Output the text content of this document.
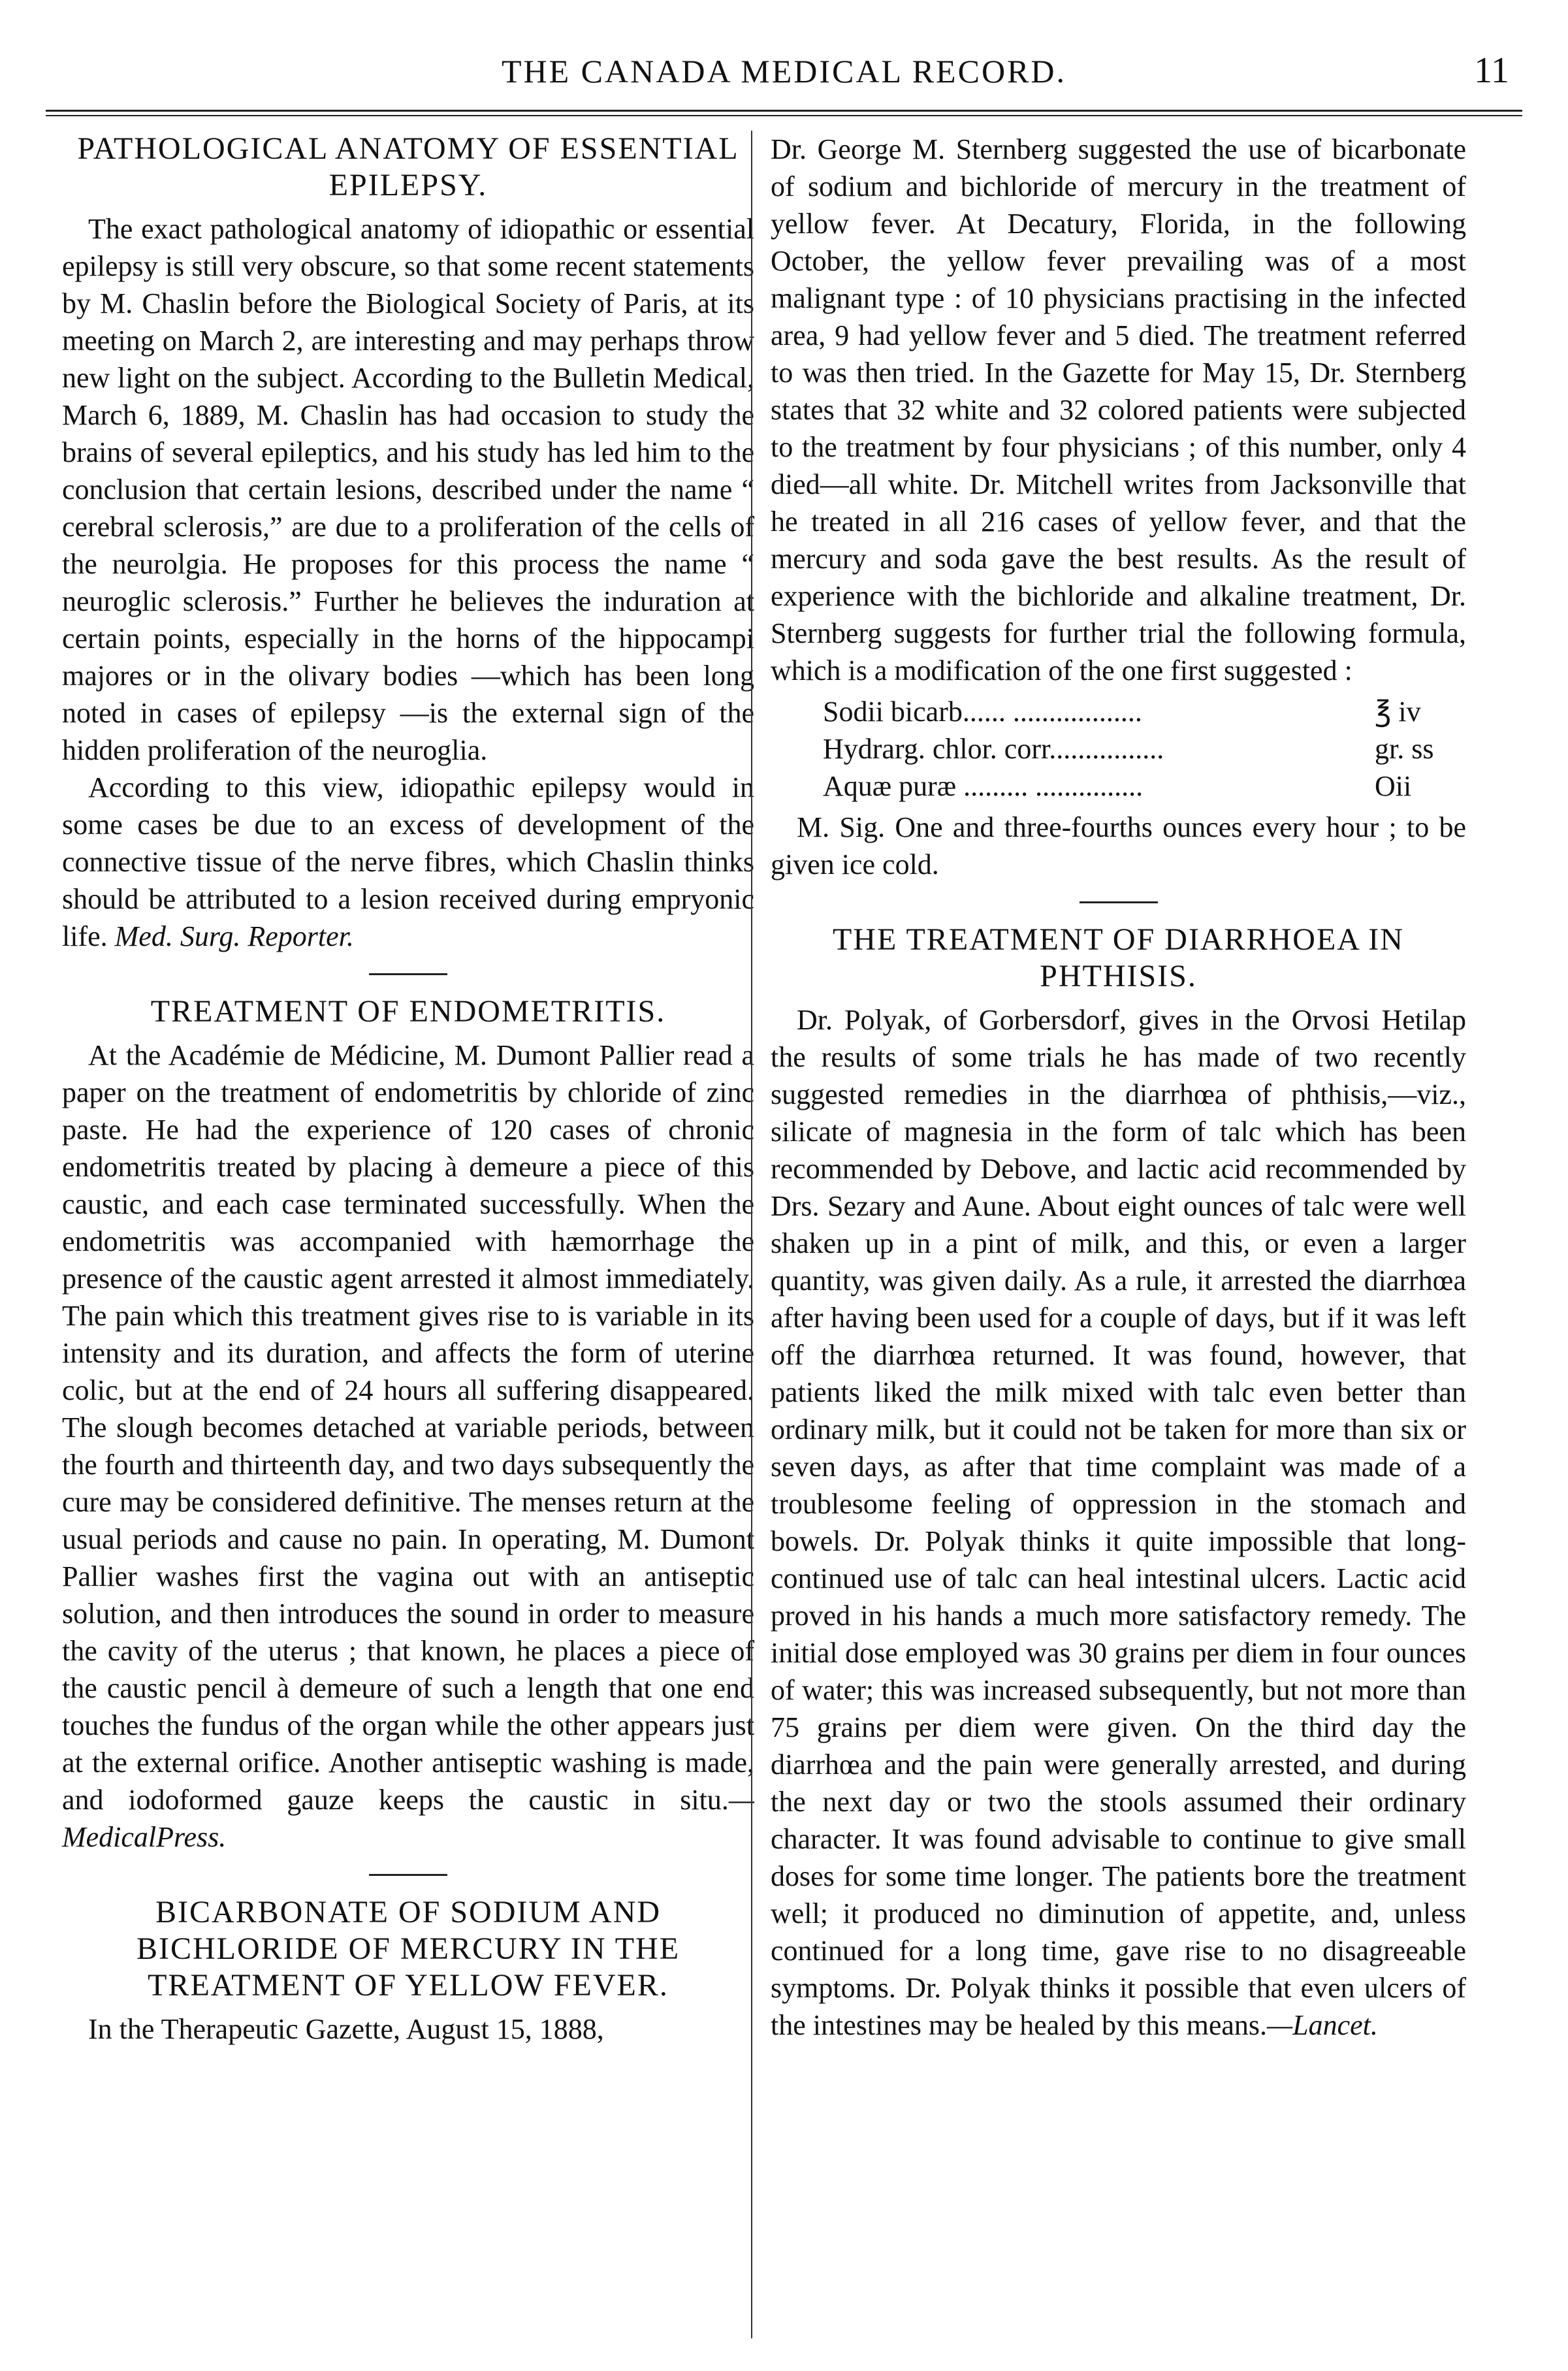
THE CANADA MEDICAL RECORD.	11
PATHOLOGICAL ANATOMY OF ESSENTIAL EPILEPSY.

The exact pathological anatomy of idiopathic or essential epilepsy is still very obscure, so that some recent statements by M. Chaslin before the Biological Society of Paris, at its meeting on March 2, are interesting and may perhaps throw new light on the subject. According to the Bulletin Medical, March 6, 1889, M. Chaslin has had occasion to study the brains of several epileptics, and his study has led him to the conclusion that certain lesions, described under the name “ cerebral sclerosis,” are due to a proliferation of the cells of the neurolgia. He proposes for this process the name “ neuroglic sclerosis.” Further he believes the induration at certain points, especially in the horns of the hippocampi majores or in the olivary bodies —which has been long noted in cases of epilepsy —is the external sign of the hidden proliferation of the neuroglia.

According to this view, idiopathic epilepsy would in some cases be due to an excess of development of the connective tissue of the nerve fibres, which Chaslin thinks should be attributed to a lesion received during empryonic life. Med. Surg. Reporter.

TREATMENT OF ENDOMETRITIS.

At the Académie de Médicine, M. Dumont Pallier read a paper on the treatment of endometritis by chloride of zinc paste. He had the experience of 120 cases of chronic endometritis treated by placing à demeure a piece of this caustic, and each case terminated successfully. When the endometritis was accompanied with hæmorrhage the presence of the caustic agent arrested it almost immediately. The pain which this treatment gives rise to is variable in its intensity and its duration, and affects the form of uterine colic, but at the end of 24 hours all suffering disappeared. The slough becomes detached at variable periods, between the fourth and thirteenth day, and two days subsequently the cure may be considered definitive. The menses return at the usual periods and cause no pain. In operating, M. Dumont Pallier washes first the vagina out with an antiseptic solution, and then introduces the sound in order to measure the cavity of the uterus ; that known, he places a piece of the caustic pencil à demeure of such a length that one end touches the fundus of the organ while the other appears just at the external orifice. Another antiseptic washing is made, and iodoformed gauze keeps the caustic in situ.—MedicalPress.

BICARBONATE OF SODIUM AND BICHLORIDE OF MERCURY IN THE TREATMENT OF YELLOW FEVER.

In the Therapeutic Gazette, August 15, 1888,

Dr. George M. Sternberg suggested the use of bicarbonate of sodium and bichloride of mercury in the treatment of yellow fever. At Decatury, Florida, in the following October, the yellow fever prevailing was of a most malignant type : of 10 physicians practising in the infected area, 9 had yellow fever and 5 died. The treatment referred to was then tried. In the Gazette for May 15, Dr. Sternberg states that 32 white and 32 colored patients were subjected to the treatment by four physicians ; of this number, only 4 died—all white. Dr. Mitchell writes from Jacksonville that he treated in all 216 cases of yellow fever, and that the mercury and soda gave the best results. As the result of experience with the bichloride and alkaline treatment, Dr. Sternberg suggests for further trial the following formula, which is a modification of the one first suggested :

Sodii bicarb...... ..................	℥ iv
Hydrarg. chlor. corr................	gr. ss
Aquæ puræ ......... ...............	Oii

M. Sig. One and three-fourths ounces every hour ; to be given ice cold.

THE TREATMENT OF DIARRHOEA IN PHTHISIS.

Dr. Polyak, of Gorbersdorf, gives in the Orvosi Hetilap the results of some trials he has made of two recently suggested remedies in the diarrhœa of phthisis,—viz., silicate of magnesia in the form of talc which has been recommended by Debove, and lactic acid recommended by Drs. Sezary and Aune. About eight ounces of talc were well shaken up in a pint of milk, and this, or even a larger quantity, was given daily. As a rule, it arrested the diarrhœa after having been used for a couple of days, but if it was left off the diarrhœa returned. It was found, however, that patients liked the milk mixed with talc even better than ordinary milk, but it could not be taken for more than six or seven days, as after that time complaint was made of a troublesome feeling of oppression in the stomach and bowels. Dr. Polyak thinks it quite impossible that long-continued use of talc can heal intestinal ulcers. Lactic acid proved in his hands a much more satisfactory remedy. The initial dose employed was 30 grains per diem in four ounces of water; this was increased subsequently, but not more than 75 grains per diem were given. On the third day the diarrhœa and the pain were generally arrested, and during the next day or two the stools assumed their ordinary character. It was found advisable to continue to give small doses for some time longer. The patients bore the treatment well; it produced no diminution of appetite, and, unless continued for a long time, gave rise to no disagreeable symptoms. Dr. Polyak thinks it possible that even ulcers of the intestines may be healed by this means.—Lancet.
